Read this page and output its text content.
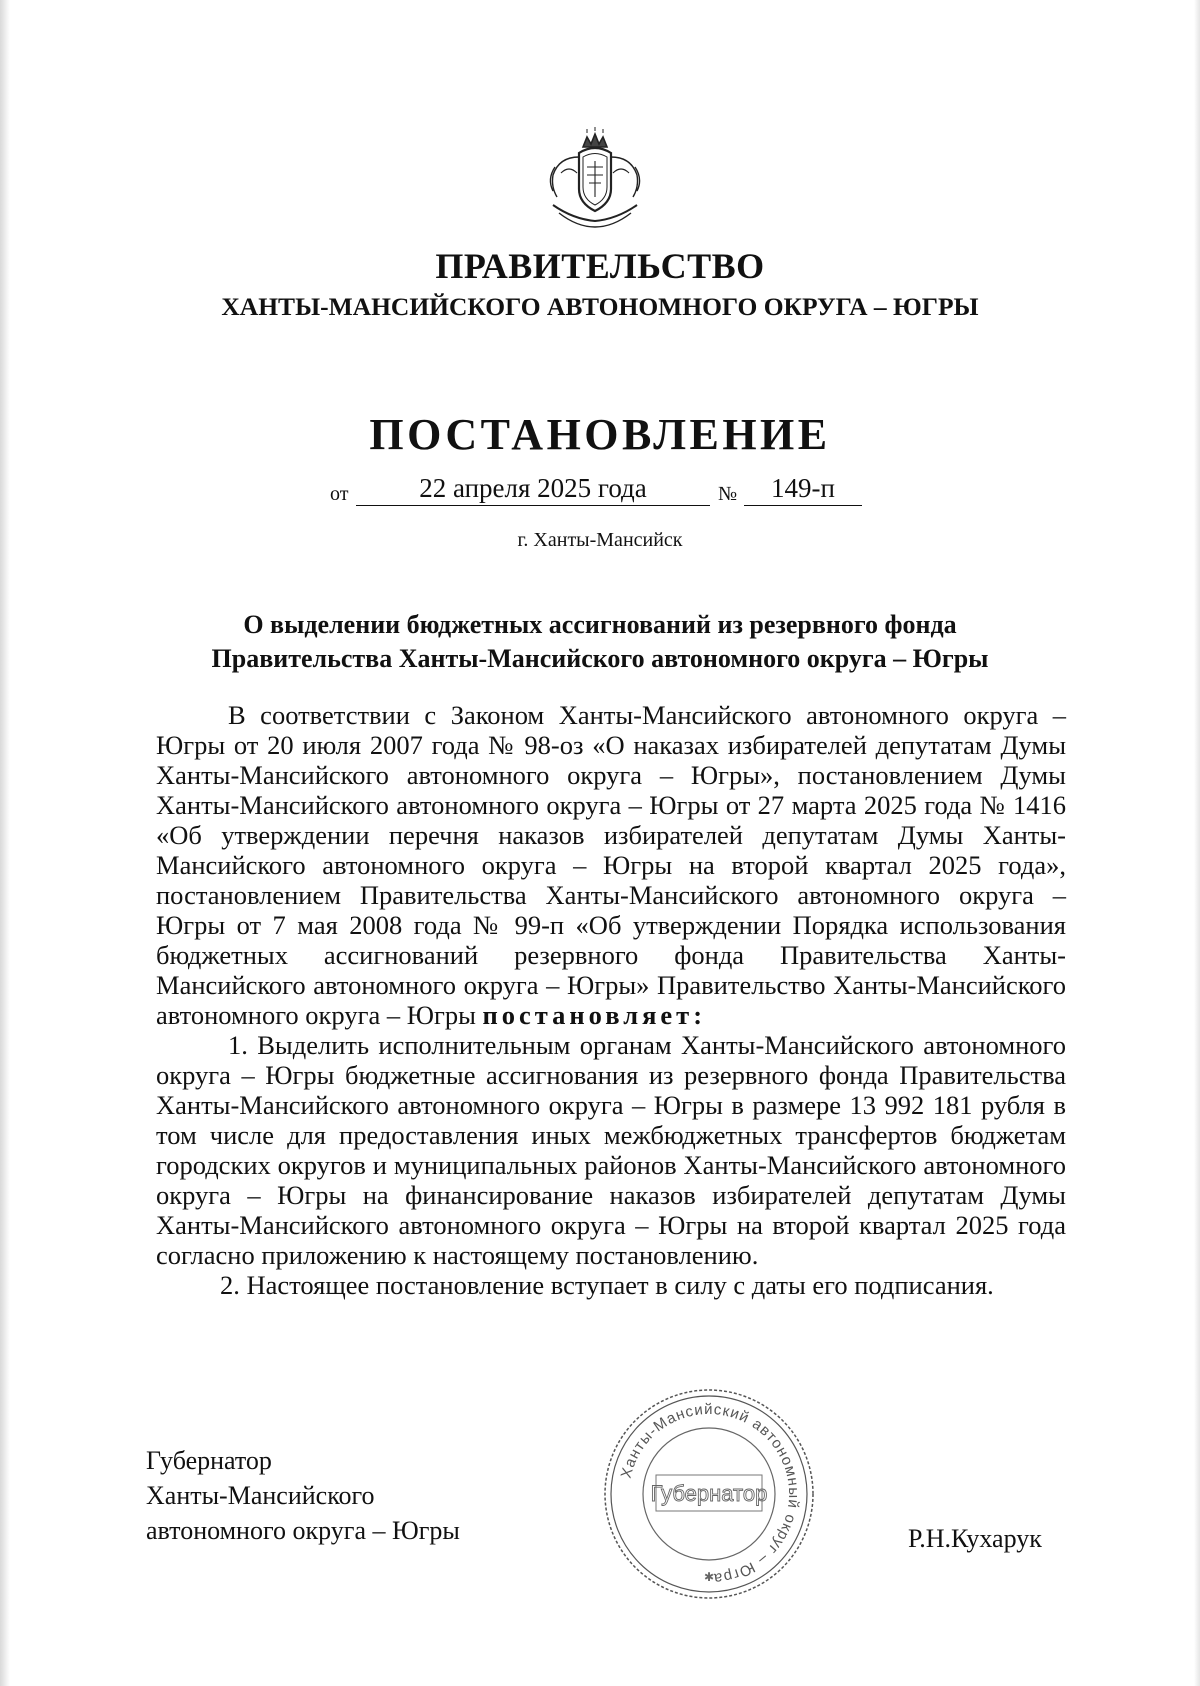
ПРАВИТЕЛЬСТВО
ХАНТЫ-МАНСИЙСКОГО АВТОНОМНОГО ОКРУГА – ЮГРЫ
ПОСТАНОВЛЕНИЕ
от	22 апреля 2025 года	№	149-п
г. Ханты-Мансийск
О выделении бюджетных ассигнований из резервного фонда
Правительства Ханты-Мансийского автономного округа – Югры

В соответствии с Законом Ханты-Мансийского автономного округа – Югры от 20 июля 2007 года № 98-оз «О наказах избирателей депутатам Думы Ханты-Мансийского автономного округа – Югры», постановлением Думы Ханты-Мансийского автономного округа – Югры от 27 марта 2025 года № 1416 «Об утверждении перечня наказов избирателей депутатам Думы Ханты-Мансийского автономного округа – Югры на второй квартал 2025 года», постановлением Правительства Ханты-Мансийского автономного округа – Югры от 7 мая 2008 года № 99-п «Об утверждении Порядка использования бюджетных ассигнований резервного фонда Правительства Ханты-Мансийского автономного округа – Югры» Правительство Ханты-Мансийского автономного округа – Югры постановляет:

1. Выделить исполнительным органам Ханты-Мансийского автономного округа – Югры бюджетные ассигнования из резервного фонда Правительства Ханты-Мансийского автономного округа – Югры в размере 13 992 181 рубля в том числе для предоставления иных межбюджетных трансфертов бюджетам городских округов и муниципальных районов Ханты-Мансийского автономного округа – Югры на финансирование наказов избирателей депутатам Думы Ханты-Мансийского автономного округа – Югры на второй квартал 2025 года согласно приложению к настоящему постановлению.

2. Настоящее постановление вступает в силу с даты его подписания.

Губернатор
Ханты-Мансийского
автономного округа – Югры	Р.Н.Кухарук
Ханты-Мансийский автономный округ – Югра
Губернатор
✱
